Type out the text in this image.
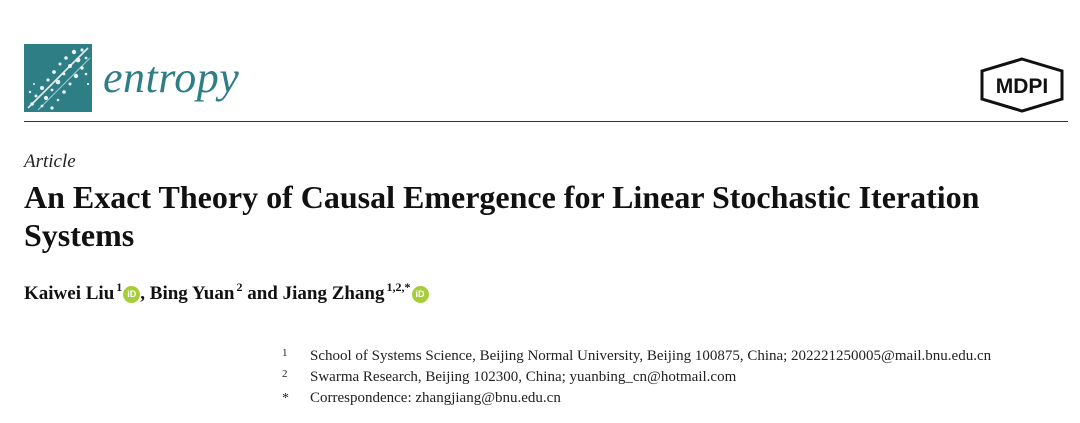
entropy	MDPI
Article
An Exact Theory of Causal Emergence for Linear Stochastic Iteration Systems
Kaiwei Liu $^1$ iD , Bing Yuan $^2$ and Jiang Zhang $^{1,2,*}$ iD
1	School of Systems Science, Beijing Normal University, Beijing 100875, China; 202221250005@mail.bnu.edu.cn
2	Swarma Research, Beijing 102300, China; yuanbing_cn@hotmail.com
*	Correspondence: zhangjiang@bnu.edu.cn
